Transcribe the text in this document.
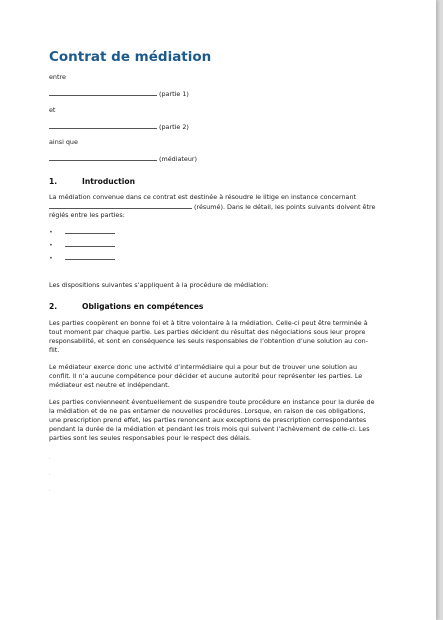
Contrat de médiation
entre
(partie 1)
et
(partie 2)
ainsi que
(médiateur)
1.	Introduction
La médiation convenue dans ce contrat est destinée à résoudre le litige en instance concernant
(résumé). Dans le détail, les points suivants doivent être
réglés entre les parties:
•
•
•
Les dispositions suivantes s’appliquent à la procédure de médiation:
2.	Obligations en compétences
Les parties coopèrent en bonne foi et à titre volontaire à la médiation. Celle-ci peut être terminée à
tout moment par chaque partie. Les parties décident du résultat des négociations sous leur propre
responsabilité, et sont en conséquence les seuls responsables de l’obtention d’une solution au con-
flit.
Le médiateur exerce donc une activité d’intermédiaire qui a pour but de trouver une solution au
conflit. Il n’a aucune compétence pour décider et aucune autorité pour représenter les parties. Le
médiateur est neutre et indépendant.
Les parties convienneent éventuellement de suspendre toute procédure en instance pour la durée de
la médiation et de ne pas entamer de nouvelles procédures. Lorsque, en raison de ces obligations,
une prescription prend effet, les parties renoncent aux exceptions de prescription correspondantes
pendant la durée de la médiation et pendant les trois mois qui suivent l’achèvement de celle-ci. Les
parties sont les seules responsables pour le respect des délais.
.
.
.
